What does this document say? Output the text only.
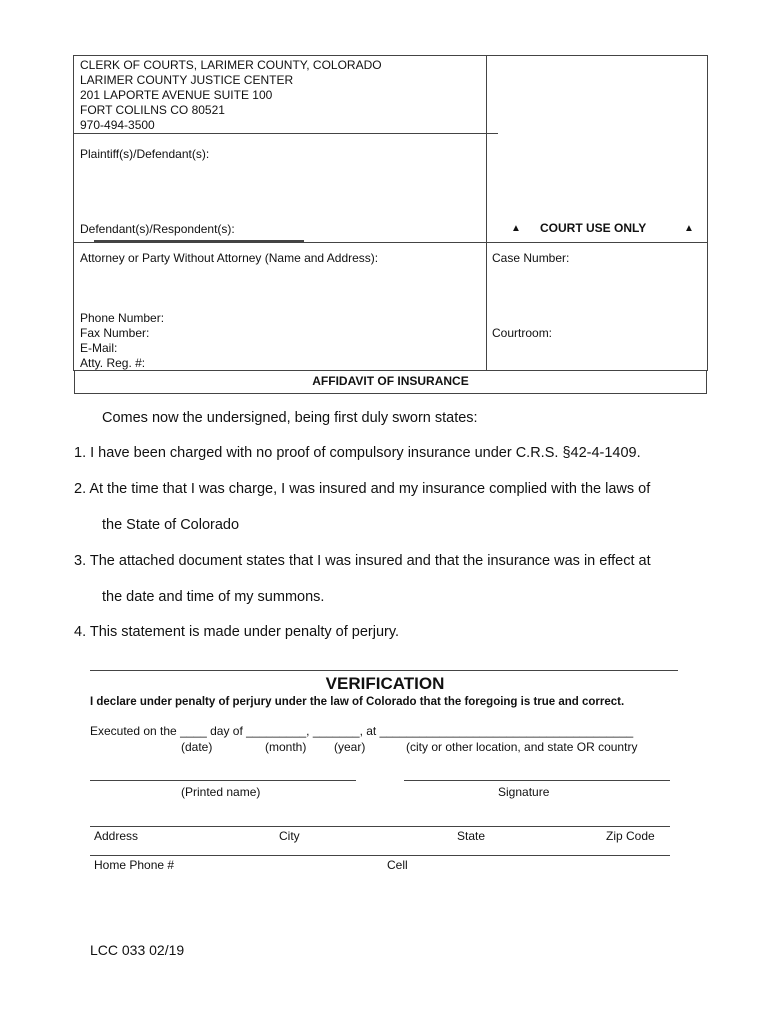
CLERK OF COURTS, LARIMER COUNTY, COLORADO
LARIMER COUNTY JUSTICE CENTER
201 LAPORTE AVENUE SUITE 100
FORT COLILNS CO 80521
970-494-3500
Plaintiff(s)/Defendant(s):
Defendant(s)/Respondent(s):	▲ COURT USE ONLY	▲
Attorney or Party Without Attorney (Name and Address):	Case Number:
Phone Number:
Fax Number:
E-Mail:
Atty. Reg. #:
Courtroom:
AFFIDAVIT OF INSURANCE
Comes now the undersigned, being first duly sworn states:
1. I have been charged with no proof of compulsory insurance under C.R.S. §42-4-1409.
2. At the time that I was charge, I was insured and my insurance complied with the laws of
the State of Colorado
3. The attached document states that I was insured and that the insurance was in effect at
the date and time of my summons.
4. This statement is made under penalty of perjury.
VERIFICATION
I declare under penalty of perjury under the law of Colorado that the foregoing is true and correct.
Executed on the ____ day of _________, _______, at ______________________________________
(date)	(month) (year)	(city or other location, and state OR country
(Printed name)	Signature
Address	City	State	Zip Code
Home Phone #	Cell
LCC 033 02/19
